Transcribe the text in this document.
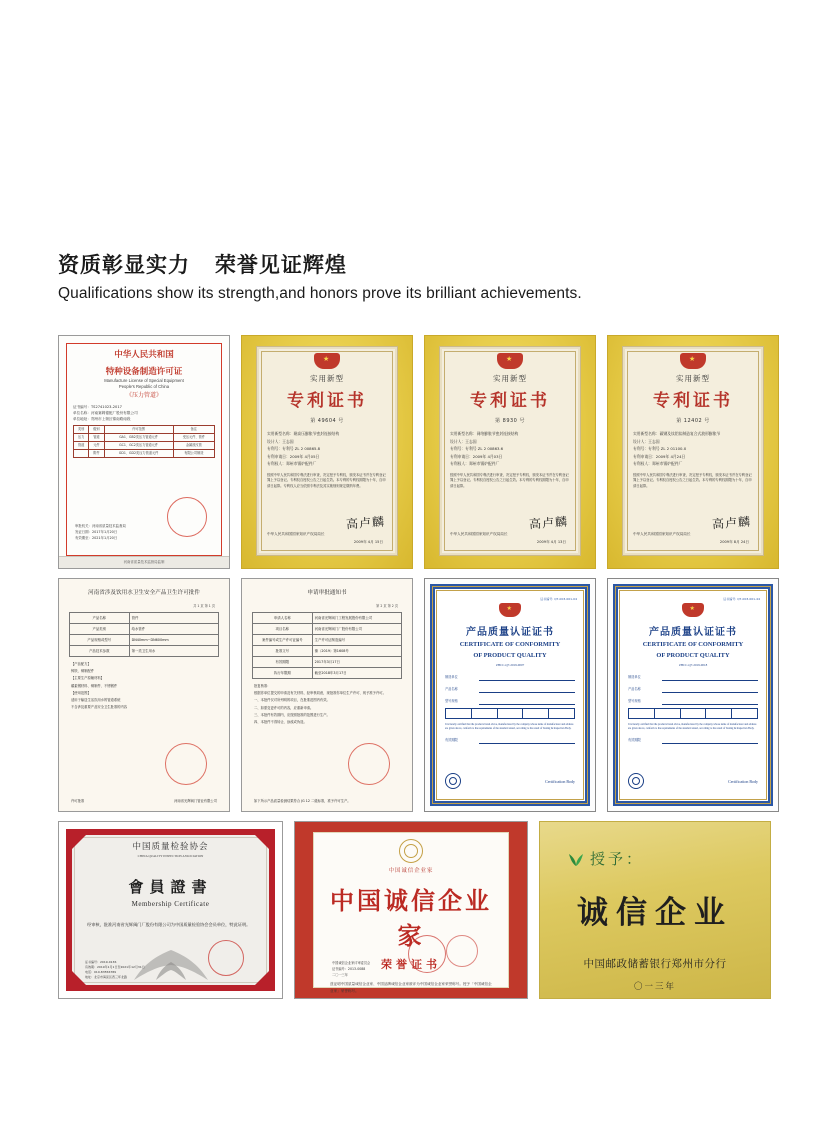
资质彰显实力   荣誉见证辉煌
Qualifications show its strength,and honors prove its brilliant achievements.
中华人民共和国
特种设备制造许可证
Manufacture License of Special Equipment
People's Republic of China
《压力管道》
证书编号：TS2741023-2017
单位名称：河南赛姆德配厂股份有限公司
单位地址：郑州市上街区锦南路南段
类别	级别	许可范围	备注
压力	管道	GA1、GB2类压力管道元件	受压元件、管件
管道	元件	GC1、GC2类压力管道元件	金属波纹管
	附件	GD1、GD2类压力管道元件	有限公司制造
审批机关：河南省质量技术监督局
发证日期：2017年1月20日
有效期至：2021年1月20日
河南省质量技术监督局监制
★
实用新型
专利证书
第 49604 号
实用新型名称：耐高压膨胀节密封连接结构
设计人：王志国
专利号：专利号 ZL 2 00865.8
专利申请日：2009年 4月05日
专利权人：郑州市锅炉配件厂
按照中华人民共和国专利法进行审查，决定授予专利权，颁发本证书并在专利登记簿上予以登记。专利权自授权公告之日起生效。本专利的专利权期限为十年，自申请日起算。专利权人应当依照专利法及其实施细则规定缴纳年费。
中华人民共和国国家知识产权局局长
高卢麟
2009年 4月 15日
★
实用新型
专利证书
第 8930 号
实用新型名称：网络膨胀节密封连接结构
设计人：王志国
专利号：专利号 ZL 2 00863.6
专利申请日：2009年 4月03日
专利权人：郑州市锅炉配件厂
按照中华人民共和国专利法进行审查，决定授予专利权，颁发本证书并在专利登记簿上予以登记。专利权自授权公告之日起生效。本专利的专利权期限为十年，自申请日起算。
中华人民共和国国家知识产权局局长
高卢麟
2009年 4月 13日
★
实用新型
专利证书
第 12402 号
实用新型名称：碳钢及钛铝钛制造复合式波形膨胀节
设计人：王志国
专利号：专利号 ZL 2 01100.X
专利申请日：2009年 4月24日
专利权人：郑州市锅炉配件厂
按照中华人民共和国专利法进行审查，决定授予专利权，颁发本证书并在专利登记簿上予以登记。专利权自授权公告之日起生效。本专利的专利权期限为十年，自申请日起算。
中华人民共和国国家知识产权局局长
高卢麟
2009年 8月 24日
河南省涉及饮用水卫生安全产品卫生许可批件
共 1 页 第 1 页
产品名称	管件
产品类别	给水管件
产品规格或型号	DN40mm~DN600mm
产品技术参数	第一类卫生用水
【产品配方】
铸铁、铜制配件
【主要生产原辅材料】
碳素钢材料、铜制件、不锈钢件
【使用范围】
适用于输送生活饮用水的管道系统
不含涉及重要产品安全卫生批准的内容
许可批准	河南省光辉阀门管业有限公司
申请审批通知书
第 2 页 第 2 页
申请人名称	河南省光辉阀门工程发展股份有限公司
项目名称	河南省光辉阀门厂股份有限公司
案件编号或生产许可证编号	生产许可证制造编号
批准文号	豫（2019）第1608号
有效期限	2017年3月17日
执行年限期	截至2018年3月17日
批复核准：
根据你单位提交的申请及有关材料，经审核同意，现批准你单位生产许可、现予准予许可。
一、本批件仅对所列明的项目，在批准范围内有效。
二、如需变更许可的内容，应重新申请。
三、本批件有效期内，应按照批准的范围进行生产。
四、本批件不得转让、涂改或伪造。
如下所示产品质量检测结果符合 JG 12 二级标准，准予许可生产。
证书编号: Q7-003-001-04
★
产品质量认证证书
CERTIFICATE OF CONFORMITY
OF PRODUCT QUALITY
ZHCC-Q7-2019-0007
制造单位
产品名称
型号规格
It is hereby certified that the products listed above, manufactured by the company whose name of manufacturer and address are given above, conform to the requirements of the standard stated, according to the result of Testing & Inspection Body.
有效期限
Certification Body
证书编号: Q7-003-001-44
★
产品质量认证证书
CERTIFICATE OF CONFORMITY
OF PRODUCT QUALITY
ZHCC-Q7-2019-0018
制造单位
产品名称
型号规格
It is hereby certified that the products listed above, manufactured by the company whose name of manufacturer and address are given above, conform to the requirements of the standard stated, according to the result of Testing & Inspection Body.
有效期限
Certification Body
中国质量检验协会
CHINA QUALITY INSPECTION ASSOCIATION
會員證書
Membership Certificate
经审核，批准河南省光辉阀门厂股份有限公司为中国质量检验协会会员单位，特此证明。
证书编号：2019-0136
有效期：2019年1月1日至2021年12月31日
电话：010-83556789
地址：北京市海淀区西三环北路
中国诚信企业家
中国诚信企业家
荣誉证书
兹证明中国质量诚信企业家、中国品牌诚信企业家被评为中国诚信企业家荣誉称号。授予「中国诚信企业家」荣誉称号。
中国诚信企业家评审委员会
证书编号：2013-0088
二〇一三年
授予：
诚信企业
中国邮政储蓄银行郑州市分行
〇一三年
